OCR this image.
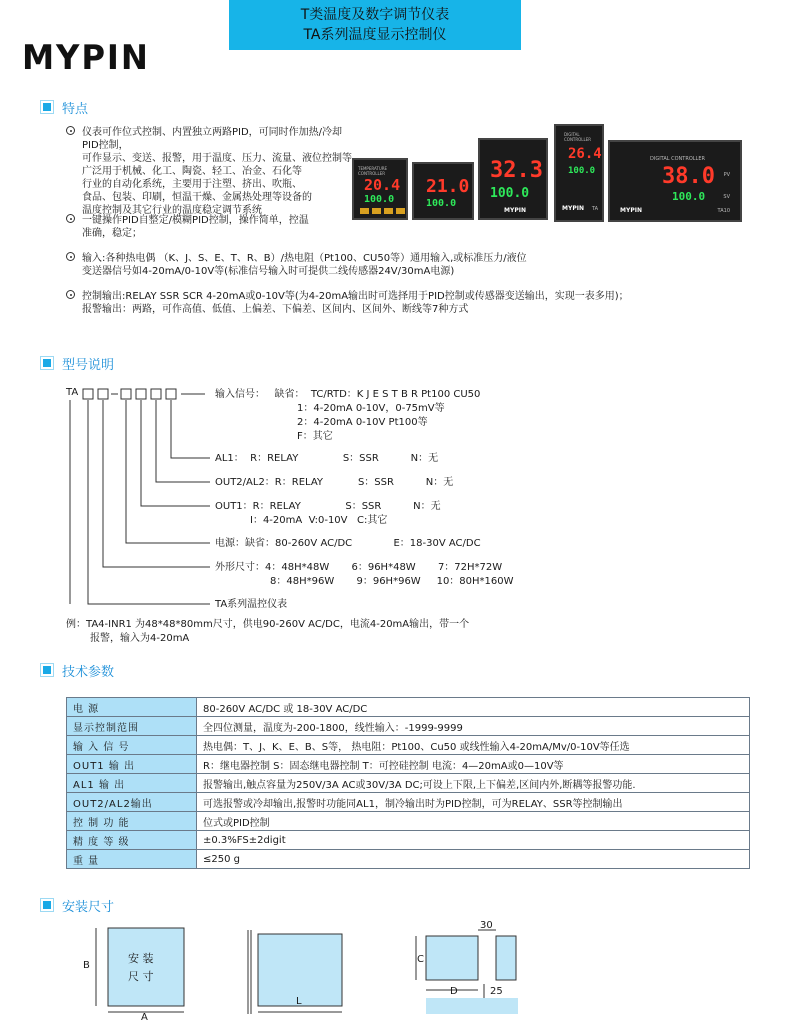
T类温度及数字调节仪表
TA系列温度显示控制仪
MYPIN
特点
仪表可作位式控制、内置独立两路PID，可同时作加热/冷却PID控制，
可作显示、变送、报警，用于温度、压力、流量、液位控制等
广泛用于机械、化工、陶瓷、轻工、冶金、石化等
行业的自动化系统，主要用于注塑、挤出、吹瓶、
食品、包装、印刷，恒温干燥、金属热处理等设备的
温度控制及其它行业的温度稳定调节系统
一键操作PID自整定/模糊PID控制，操作简单，控温
准确，稳定；
输入:各种热电偶 （K、J、S、E、T、R、B）/热电阻（Pt100、CU50等）通用输入,或标准压力/液位
变送器信号如4-20mA/0-10V等(标准信号输入时可提供二线传感器24V/30mA电源)
控制输出:RELAY SSR SCR 4-20mA或0-10V等(为4-20mA输出时可选择用于PID控制或传感器变送输出，实现一表多用)；
报警输出：两路，可作高值、低值、上偏差、下偏差、区间内、区间外、断线等7种方式
TEMPERATURE CONTROLLER
20.4
100.0
21.0
100.0
32.3
100.0
MYPIN
DIGITAL CONTROLLER
26.4
100.0
MYPIN TA
DIGITAL CONTROLLER
38.0 PV
100.0	SV
MYPIN	TA10
型号说明
TA	输入信号：   缺省：  TC/RTD：K J E S T B R Pt100 CU50
1：4-20mA 0-10V，0-75mV等
2：4-20mA 0-10V Pt100等
F：其它
AL1：  R：RELAY              S：SSR          N：无
OUT2/AL2：R：RELAY           S：SSR          N：无
OUT1：R：RELAY              S：SSR          N：无
I：4-20mA  V:0-10V   C:其它
电源：缺省：80-260V AC/DC             E：18-30V AC/DC
外形尺寸：4：48H*48W       6：96H*48W       7：72H*72W
8：48H*96W       9：96H*96W     10：80H*160W
TA系列温控仪表
例：TA4-INR1 为48*48*80mm尺寸，供电90-260V AC/DC，电流4-20mA输出，带一个
报警，输入为4-20mA
技术参数
电 源	80-260V AC/DC 或 18-30V AC/DC
显示控制范围	全四位测量，温度为-200-1800，线性输入：-1999-9999
输 入 信 号	热电偶：T、J、K、E、B、S等， 热电阻：Pt100、Cu50 或线性输入4-20mA/Mv/0-10V等任选
OUT1 输 出	R：继电器控制 S：固态继电器控制 T：可控硅控制 电流：4—20mA或0—10V等
AL1 输 出	报警输出,触点容量为250V/3A AC或30V/3A DC;可设上下限,上下偏差,区间内外,断耦等报警功能.
OUT2/AL2输出	可选报警或冷却输出,报警时功能同AL1，制冷输出时为PID控制，可为RELAY、SSR等控制输出
控 制 功 能	位式或PID控制
精 度 等 级	±0.3%FS±2digit
重 量	≤250 g
安装尺寸
安 装
尺 寸
B
A
L
C
D
30
25
